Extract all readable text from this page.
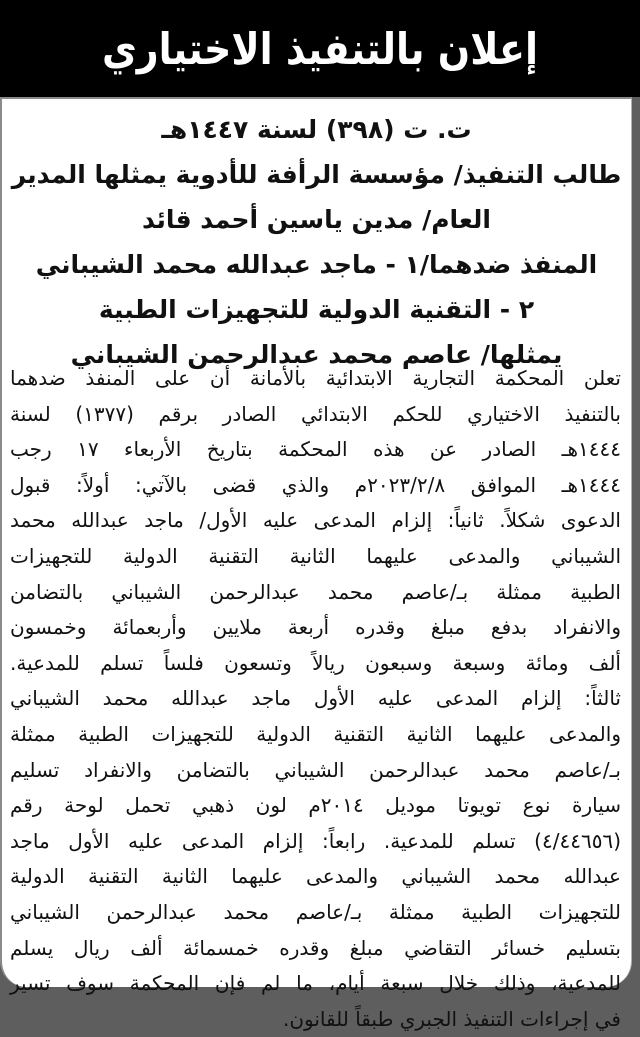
إعلان بالتنفيذ الاختياري
ت. ت (٣٩٨) لسنة ١٤٤٧هـ
طالب التنفيذ/ مؤسسة الرأفة للأدوية يمثلها المدير
العام/ مدين ياسين أحمد قائد
المنفذ ضدهما/١ - ماجد عبدالله محمد الشيباني
٢ - التقنية الدولية للتجهيزات الطبية
يمثلها/ عاصم محمد عبدالرحمن الشيباني
تعلن المحكمة التجارية الابتدائية بالأمانة أن على المنفذ ضدهما
بالتنفيذ الاختياري للحكم الابتدائي الصادر برقم (١٣٧٧) لسنة
١٤٤٤هـ الصادر عن هذه المحكمة بتاريخ الأربعاء ١٧ رجب
١٤٤٤هـ الموافق ٢٠٢٣/٢/٨م والذي قضى بالآتي: أولاً: قبول
الدعوى شكلاً. ثانياً: إلزام المدعى عليه الأول/ ماجد عبدالله محمد
الشيباني والمدعى عليهما الثانية التقنية الدولية للتجهيزات
الطبية ممثلة بـ/عاصم محمد عبدالرحمن الشيباني بالتضامن
والانفراد بدفع مبلغ وقدره أربعة ملايين وأربعمائة وخمسون
ألف ومائة وسبعة وسبعون ريالاً وتسعون فلساً تسلم للمدعية.
ثالثاً: إلزام المدعى عليه الأول ماجد عبدالله محمد الشيباني
والمدعى عليهما الثانية التقنية الدولية للتجهيزات الطبية ممثلة
بـ/عاصم محمد عبدالرحمن الشيباني بالتضامن والانفراد تسليم
سيارة نوع تويوتا موديل ٢٠١٤م لون ذهبي تحمل لوحة رقم
(٤/٤٤٦٥٦) تسلم للمدعية. رابعاً: إلزام المدعى عليه الأول ماجد
عبدالله محمد الشيباني والمدعى عليهما الثانية التقنية الدولية
للتجهيزات الطبية ممثلة بـ/عاصم محمد عبدالرحمن الشيباني
بتسليم خسائر التقاضي مبلغ وقدره خمسمائة ألف ريال يسلم
للمدعية، وذلك خلال سبعة أيام، ما لم فإن المحكمة سوف تسير
في إجراءات التنفيذ الجبري طبقاً للقانون.
